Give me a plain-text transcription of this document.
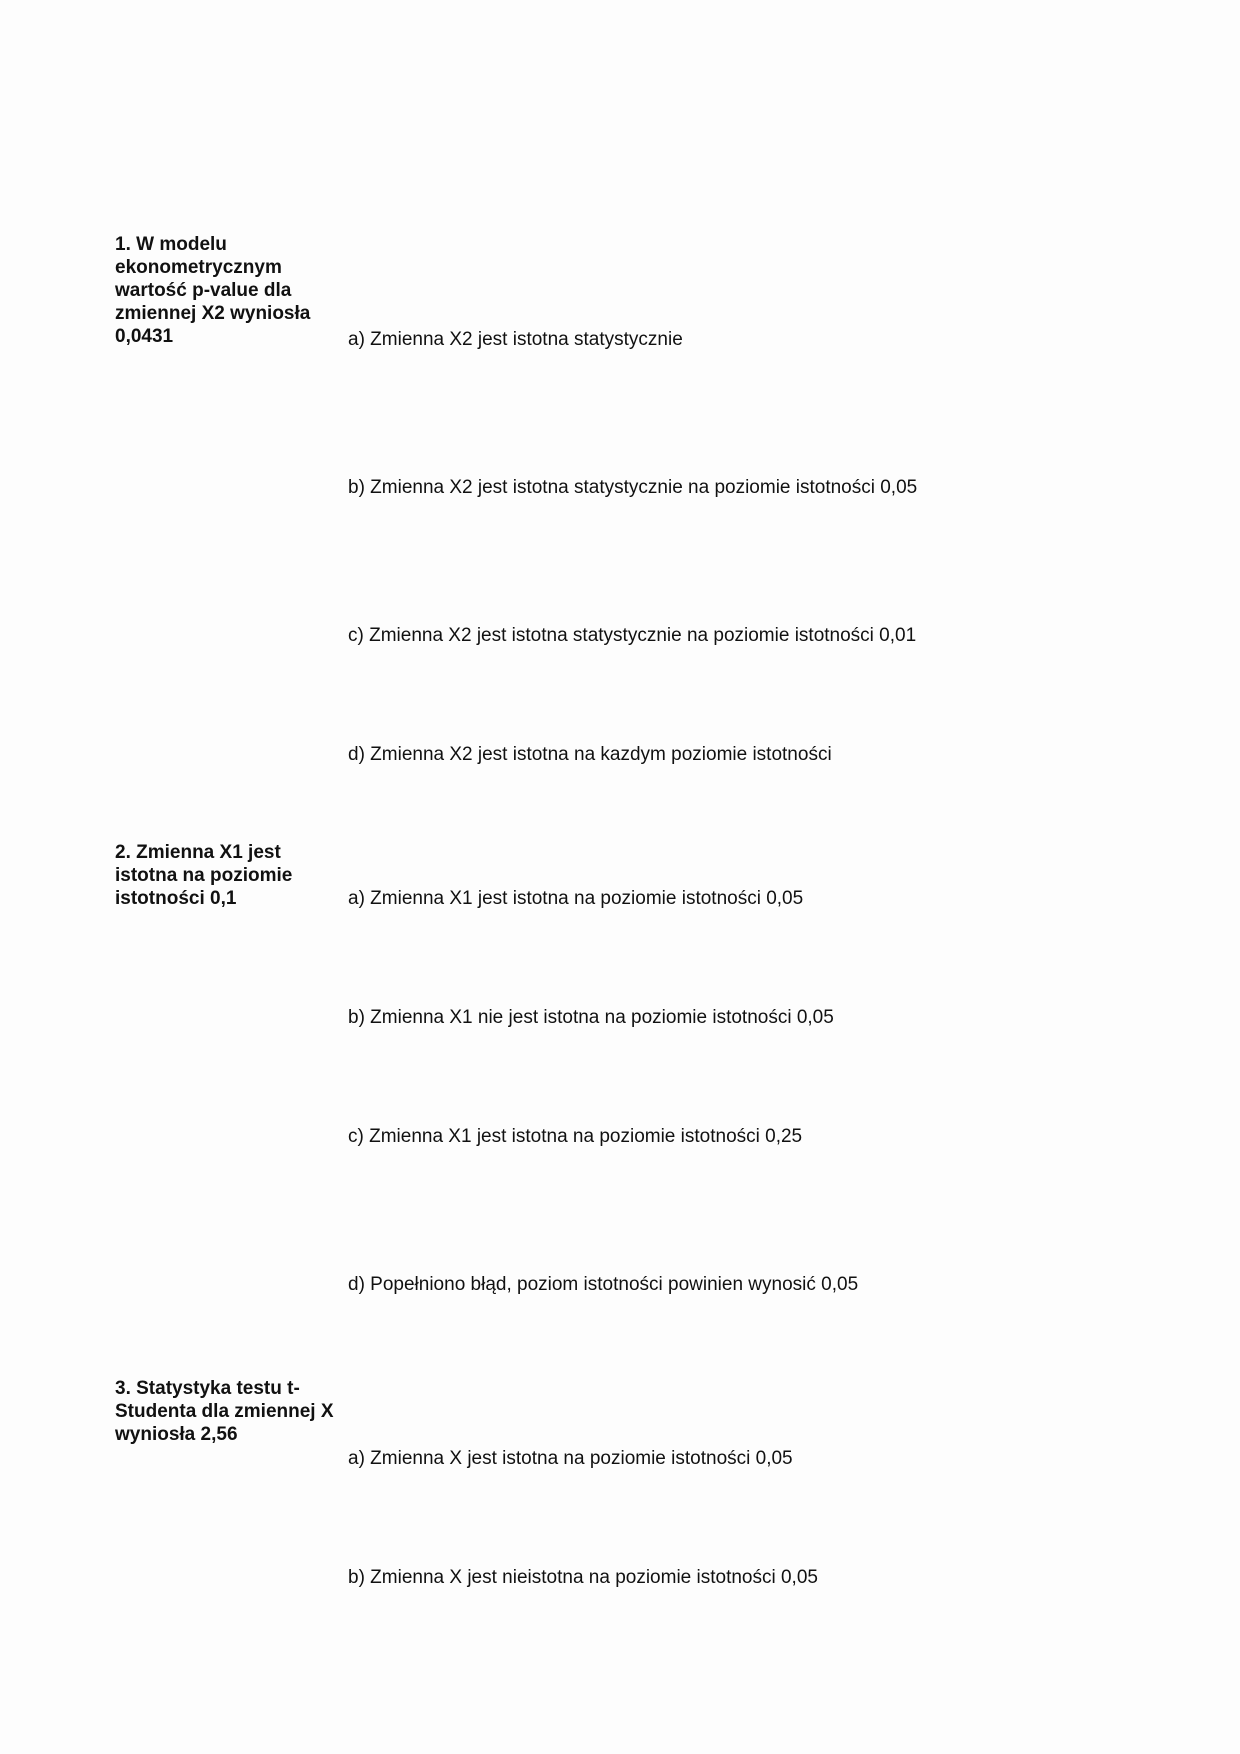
1. W modelu ekonometrycznym wartość p-value dla zmiennej X2 wyniosła 0,0431	a) Zmienna X2 jest istotna statystycznie
b) Zmienna X2 jest istotna statystycznie na poziomie istotności 0,05
c) Zmienna X2 jest istotna statystycznie na poziomie istotności 0,01
d) Zmienna X2 jest istotna na kazdym poziomie istotności
2. Zmienna X1 jest istotna na poziomie istotności 0,1	a) Zmienna X1 jest istotna na poziomie istotności 0,05
b) Zmienna X1 nie jest istotna na poziomie istotności 0,05
c) Zmienna X1 jest istotna na poziomie istotności 0,25
d) Popełniono błąd, poziom istotności powinien wynosić 0,05
3. Statystyka testu t-Studenta dla zmiennej X wyniosła 2,56
a) Zmienna X jest istotna na poziomie istotności 0,05
b) Zmienna X jest nieistotna na poziomie istotności 0,05
